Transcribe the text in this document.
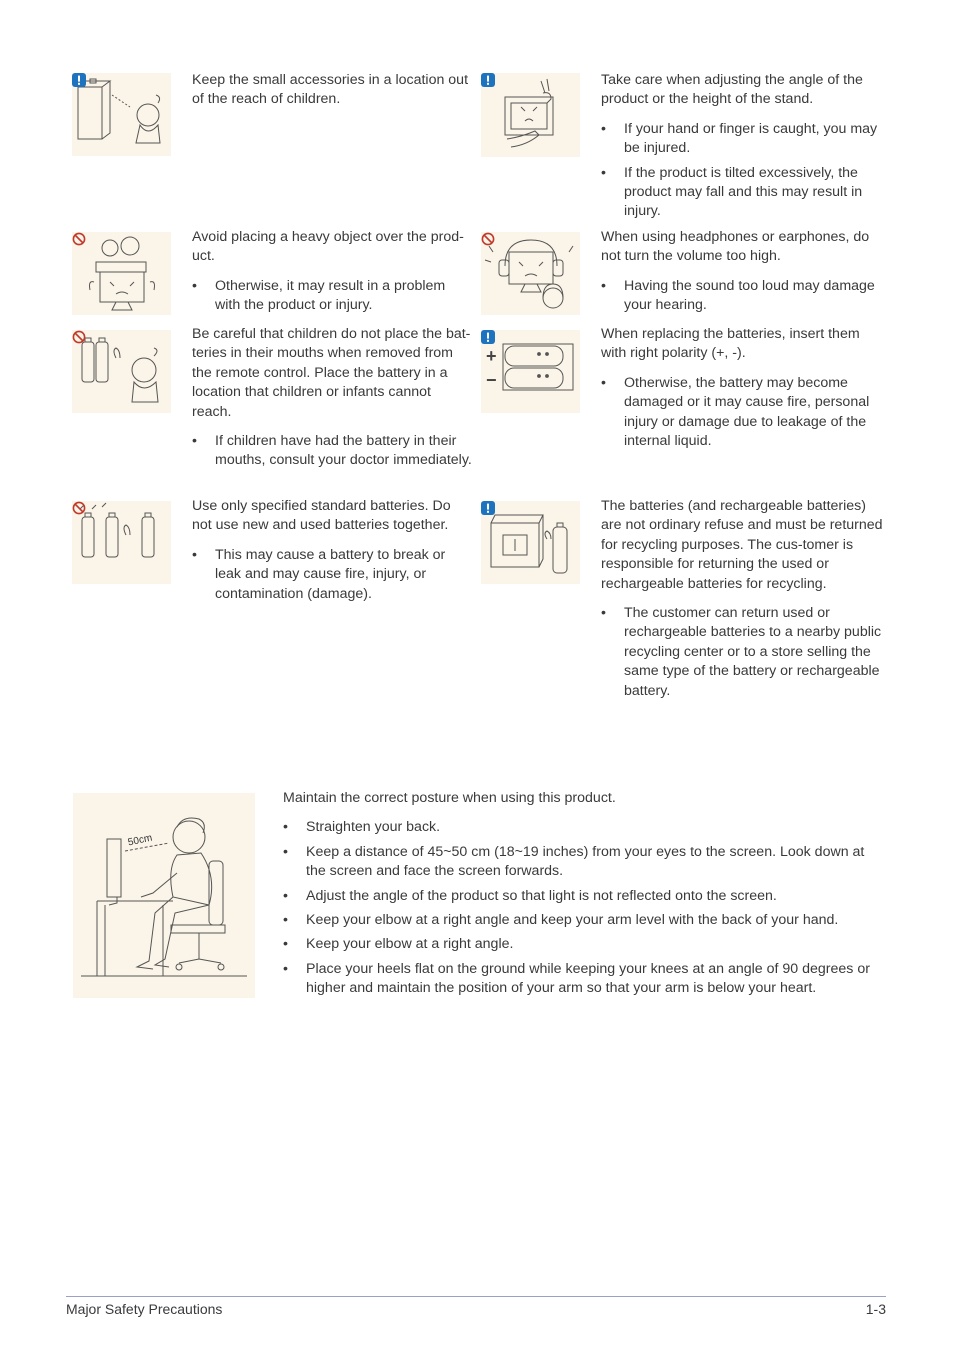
Keep the small accessories in a location out of the reach of children.

Take care when adjusting the angle of the product or the height of the stand.

• If your hand or finger is caught, you may be injured.
• If the product is tilted excessively, the product may fall and this may result in injury.

Avoid placing a heavy object over the prod-uct.

• Otherwise, it may result in a problem with the product or injury.

When using headphones or earphones, do not turn the volume too high.

• Having the sound too loud may damage your hearing.

Be careful that children do not place the bat-teries in their mouths when removed from the remote control. Place the battery in a location that children or infants cannot reach.

• If children have had the battery in their mouths, consult your doctor immediately.
+
−

When replacing the batteries, insert them with right polarity (+, -).

• Otherwise, the battery may become damaged or it may cause fire, personal injury or damage due to leakage of the internal liquid.

Use only specified standard batteries. Do not use new and used batteries together.

• This may cause a battery to break or leak and may cause fire, injury, or contamination (damage).

The batteries (and rechargeable batteries) are not ordinary refuse and must be returned for recycling purposes. The cus-tomer is responsible for returning the used or rechargeable batteries for recycling.

• The customer can return used or rechargeable batteries to a nearby public recycling center or to a store selling the same type of the battery or rechargeable battery.
50cm

Maintain the correct posture when using this product.

• Straighten your back.
• Keep a distance of 45~50 cm (18~19 inches) from your eyes to the screen. Look down at the screen and face the screen forwards.
• Adjust the angle of the product so that light is not reflected onto the screen.
• Keep your elbow at a right angle and keep your arm level with the back of your hand.
• Keep your elbow at a right angle.
• Place your heels flat on the ground while keeping your knees at an angle of 90 degrees or higher and maintain the position of your arm so that your arm is below your heart.
Major Safety Precautions	1-3
